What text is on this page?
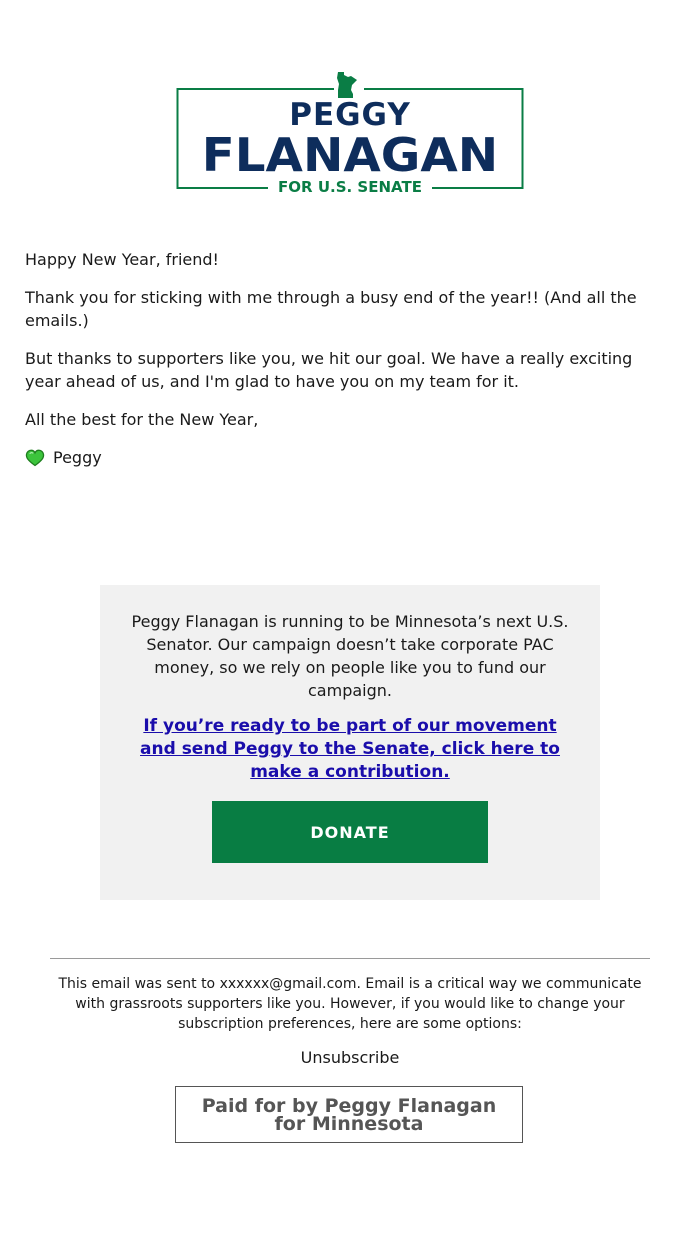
PEGGY
FLANAGAN
FOR U.S. SENATE

Happy New Year, friend!

Thank you for sticking with me through a busy end of the year!! (And all the emails.)

But thanks to supporters like you, we hit our goal. We have a really exciting year ahead of us, and I'm glad to have you on my team for it.

All the best for the New Year,

Peggy

Peggy Flanagan is running to be Minnesota’s next U.S. Senator. Our campaign doesn’t take corporate PAC money, so we rely on people like you to fund our campaign.
If you’re ready to be part of our movement and send Peggy to the Senate, click here to make a contribution.
DONATE
This email was sent to xxxxxx@gmail.com. Email is a critical way we communicate with grassroots supporters like you. However, if you would like to change your subscription preferences, here are some options:
Unsubscribe
Paid for by Peggy Flanagan for Minnesota
